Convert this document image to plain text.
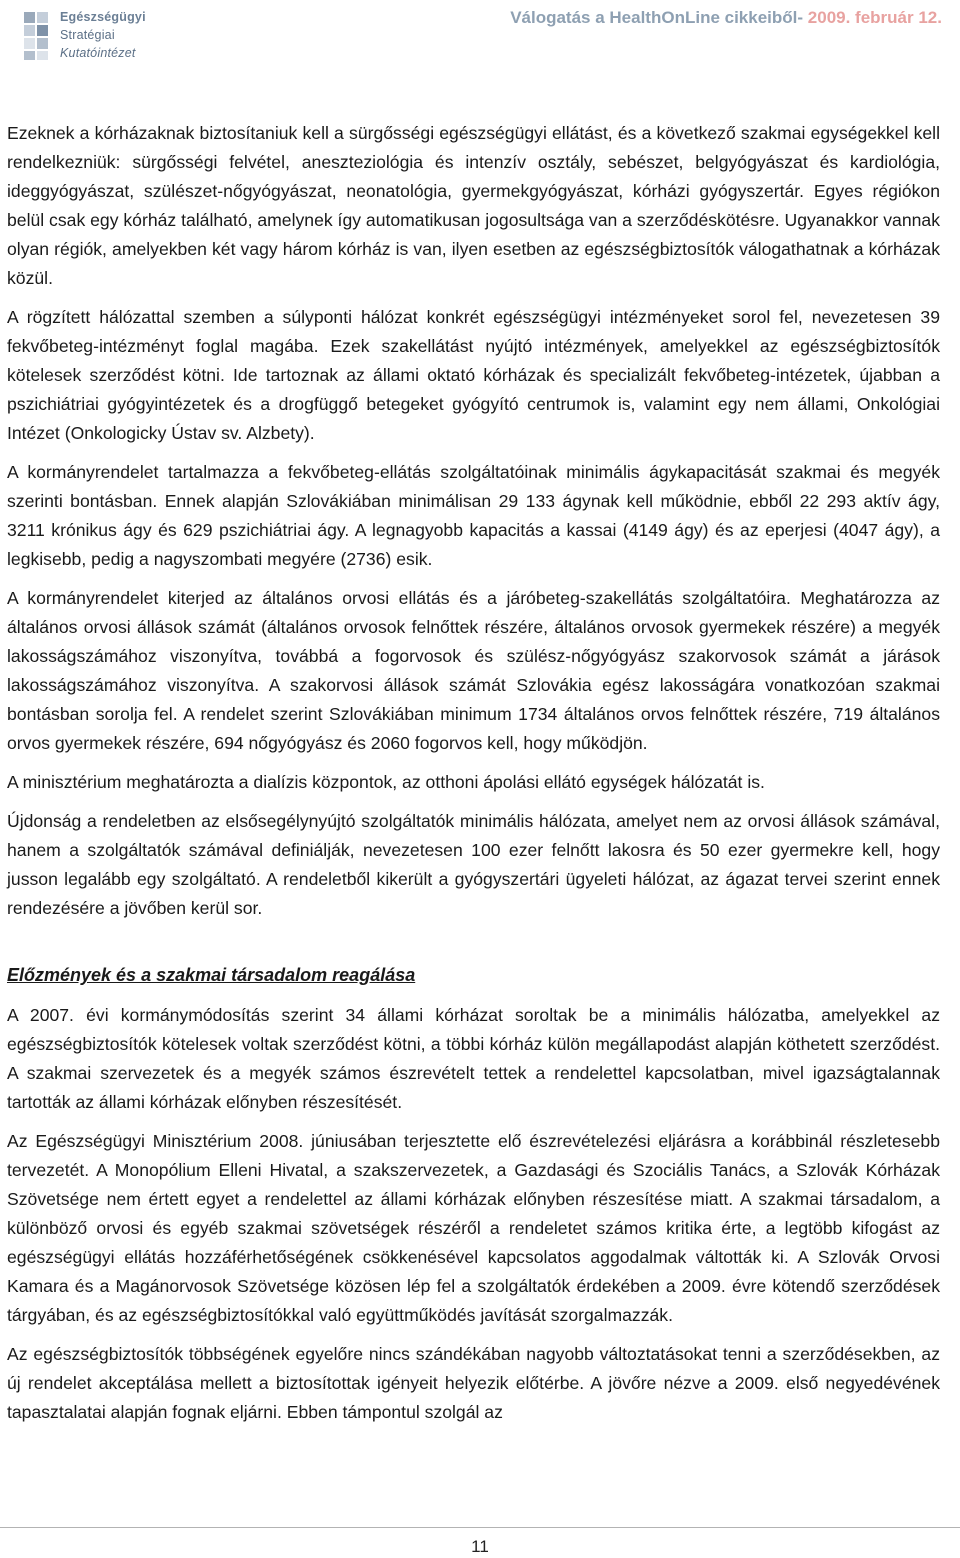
Egészségügyi
Stratégiai
Kutatóintézet
Válogatás a HealthOnLine cikkeiből- 2009. február 12.

Ezeknek a kórházaknak biztosítaniuk kell a sürgősségi egészségügyi ellátást, és a következő szakmai egységekkel kell rendelkezniük: sürgősségi felvétel, aneszteziológia és intenzív osztály, sebészet, belgyógyászat és kardiológia, ideggyógyászat, szülészet-nőgyógyászat, neonatológia, gyermekgyógyászat, kórházi gyógyszertár. Egyes régiókon belül csak egy kórház található, amelynek így automatikusan jogosultsága van a szerződéskötésre. Ugyanakkor vannak olyan régiók, amelyekben két vagy három kórház is van, ilyen esetben az egészségbiztosítók válogathatnak a kórházak közül.

A rögzített hálózattal szemben a súlyponti hálózat konkrét egészségügyi intézményeket sorol fel, nevezetesen 39 fekvőbeteg-intézményt foglal magába. Ezek szakellátást nyújtó intézmények, amelyekkel az egészségbiztosítók kötelesek szerződést kötni. Ide tartoznak az állami oktató kórházak és specializált fekvőbeteg-intézetek, újabban a pszichiátriai gyógyintézetek és a drogfüggő betegeket gyógyító centrumok is, valamint egy nem állami, Onkológiai Intézet (Onkologicky Ústav sv. Alzbety).

A kormányrendelet tartalmazza a fekvőbeteg-ellátás szolgáltatóinak minimális ágykapacitását szakmai és megyék szerinti bontásban. Ennek alapján Szlovákiában minimálisan 29 133 ágynak kell működnie, ebből 22 293 aktív ágy, 3211 krónikus ágy és 629 pszichiátriai ágy. A legnagyobb kapacitás a kassai (4149 ágy) és az eperjesi (4047 ágy), a legkisebb, pedig a nagyszombati megyére (2736) esik.

A kormányrendelet kiterjed az általános orvosi ellátás és a járóbeteg-szakellátás szolgáltatóira. Meghatározza az általános orvosi állások számát (általános orvosok felnőttek részére, általános orvosok gyermekek részére) a megyék lakosságszámához viszonyítva, továbbá a fogorvosok és szülész-nőgyógyász szakorvosok számát a járások lakosságszámához viszonyítva. A szakorvosi állások számát Szlovákia egész lakosságára vonatkozóan szakmai bontásban sorolja fel. A rendelet szerint Szlovákiában minimum 1734 általános orvos felnőttek részére, 719 általános orvos gyermekek részére, 694 nőgyógyász és 2060 fogorvos kell, hogy működjön.

A minisztérium meghatározta a dialízis központok, az otthoni ápolási ellátó egységek hálózatát is.

Újdonság a rendeletben az elsősegélynyújtó szolgáltatók minimális hálózata, amelyet nem az orvosi állások számával, hanem a szolgáltatók számával definiálják, nevezetesen 100 ezer felnőtt lakosra és 50 ezer gyermekre kell, hogy jusson legalább egy szolgáltató. A rendeletből kikerült a gyógyszertári ügyeleti hálózat, az ágazat tervei szerint ennek rendezésére a jövőben kerül sor.

Előzmények és a szakmai társadalom reagálása

A 2007. évi kormánymódosítás szerint 34 állami kórházat soroltak be a minimális hálózatba, amelyekkel az egészségbiztosítók kötelesek voltak szerződést kötni, a többi kórház külön megállapodást alapján köthetett szerződést. A szakmai szervezetek és a megyék számos észrevételt tettek a rendelettel kapcsolatban, mivel igazságtalannak tartották az állami kórházak előnyben részesítését.

Az Egészségügyi Minisztérium 2008. júniusában terjesztette elő észrevételezési eljárásra a korábbinál részletesebb tervezetét. A Monopólium Elleni Hivatal, a szakszervezetek, a Gazdasági és Szociális Tanács, a Szlovák Kórházak Szövetsége nem értett egyet a rendelettel az állami kórházak előnyben részesítése miatt. A szakmai társadalom, a különböző orvosi és egyéb szakmai szövetségek részéről a rendeletet számos kritika érte, a legtöbb kifogást az egészségügyi ellátás hozzáférhetőségének csökkenésével kapcsolatos aggodalmak váltották ki. A Szlovák Orvosi Kamara és a Magánorvosok Szövetsége közösen lép fel a szolgáltatók érdekében a 2009. évre kötendő szerződések tárgyában, és az egészségbiztosítókkal való együttműködés javítását szorgalmazzák.

Az egészségbiztosítók többségének egyelőre nincs szándékában nagyobb változtatásokat tenni a szerződésekben, az új rendelet akceptálása mellett a biztosítottak igényeit helyezik előtérbe. A jövőre nézve a 2009. első negyedévének tapasztalatai alapján fognak eljárni. Ebben támpontul szolgál az

11
